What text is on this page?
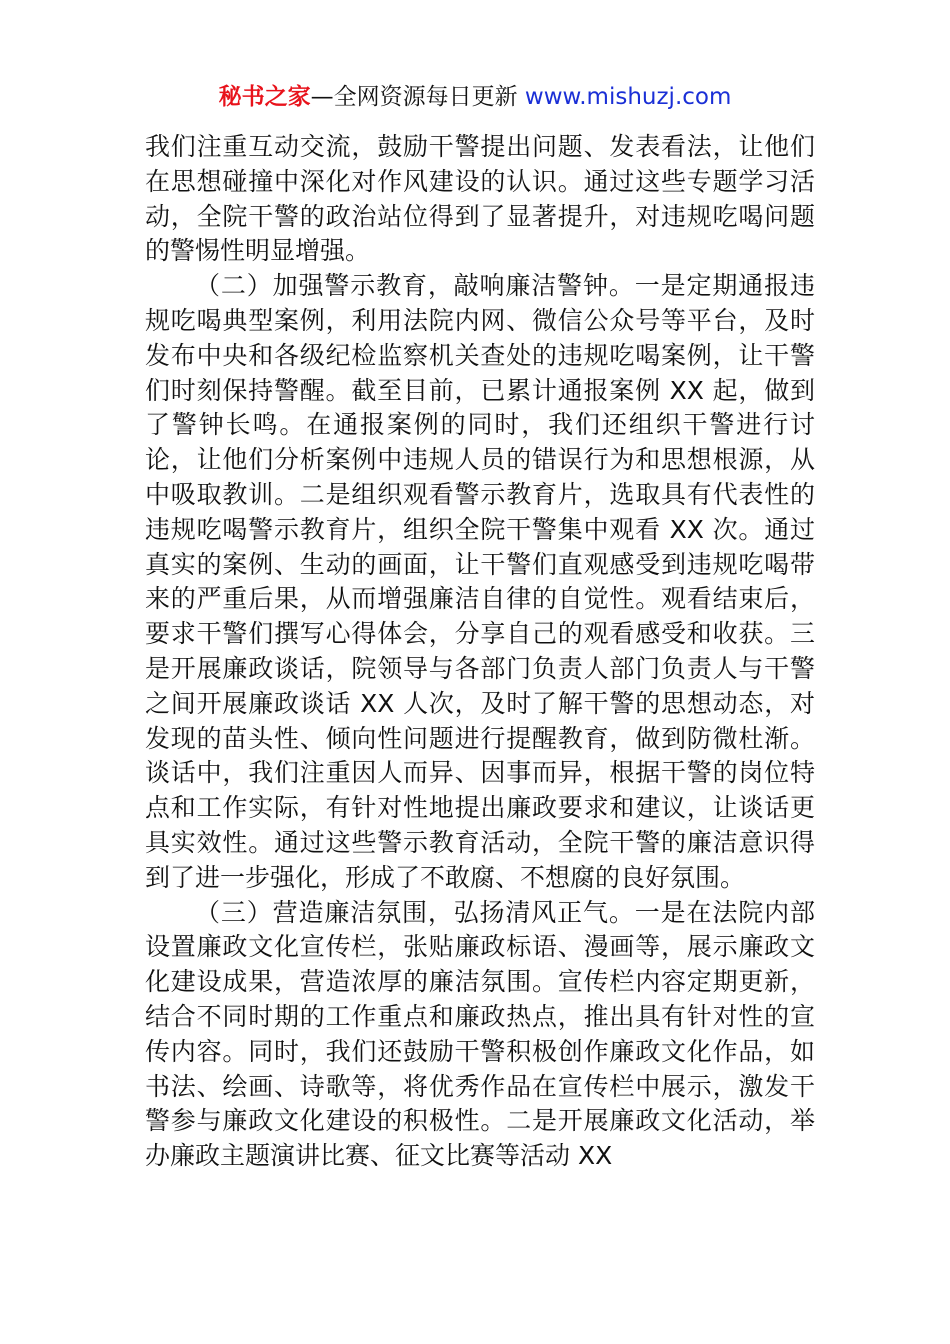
秘书之家—全网资源每日更新 www.mishuzj.com

我们注重互动交流，鼓励干警提出问题、发表看法，让他们在思想碰撞中深化对作风建设的认识。通过这些专题学习活动，全院干警的政治站位得到了显著提升，对违规吃喝问题的警惕性明显增强。

（二）加强警示教育，敲响廉洁警钟。一是定期通报违规吃喝典型案例，利用法院内网、微信公众号等平台，及时发布中央和各级纪检监察机关查处的违规吃喝案例，让干警们时刻保持警醒。截至目前，已累计通报案例 XX 起，做到了警钟长鸣。在通报案例的同时，我们还组织干警进行讨论，让他们分析案例中违规人员的错误行为和思想根源，从中吸取教训。二是组织观看警示教育片，选取具有代表性的违规吃喝警示教育片，组织全院干警集中观看 XX 次。通过真实的案例、生动的画面，让干警们直观感受到违规吃喝带来的严重后果，从而增强廉洁自律的自觉性。观看结束后，要求干警们撰写心得体会，分享自己的观看感受和收获。三是开展廉政谈话，院领导与各部门负责人部门负责人与干警之间开展廉政谈话 XX 人次，及时了解干警的思想动态，对发现的苗头性、倾向性问题进行提醒教育，做到防微杜渐。谈话中，我们注重因人而异、因事而异，根据干警的岗位特点和工作实际，有针对性地提出廉政要求和建议，让谈话更具实效性。通过这些警示教育活动，全院干警的廉洁意识得到了进一步强化，形成了不敢腐、不想腐的良好氛围。

（三）营造廉洁氛围，弘扬清风正气。一是在法院内部设置廉政文化宣传栏，张贴廉政标语、漫画等，展示廉政文化建设成果，营造浓厚的廉洁氛围。宣传栏内容定期更新，结合不同时期的工作重点和廉政热点，推出具有针对性的宣传内容。同时，我们还鼓励干警积极创作廉政文化作品，如书法、绘画、诗歌等，将优秀作品在宣传栏中展示，激发干警参与廉政文化建设的积极性。二是开展廉政文化活动，举办廉政主题演讲比赛、征文比赛等活动 XX
